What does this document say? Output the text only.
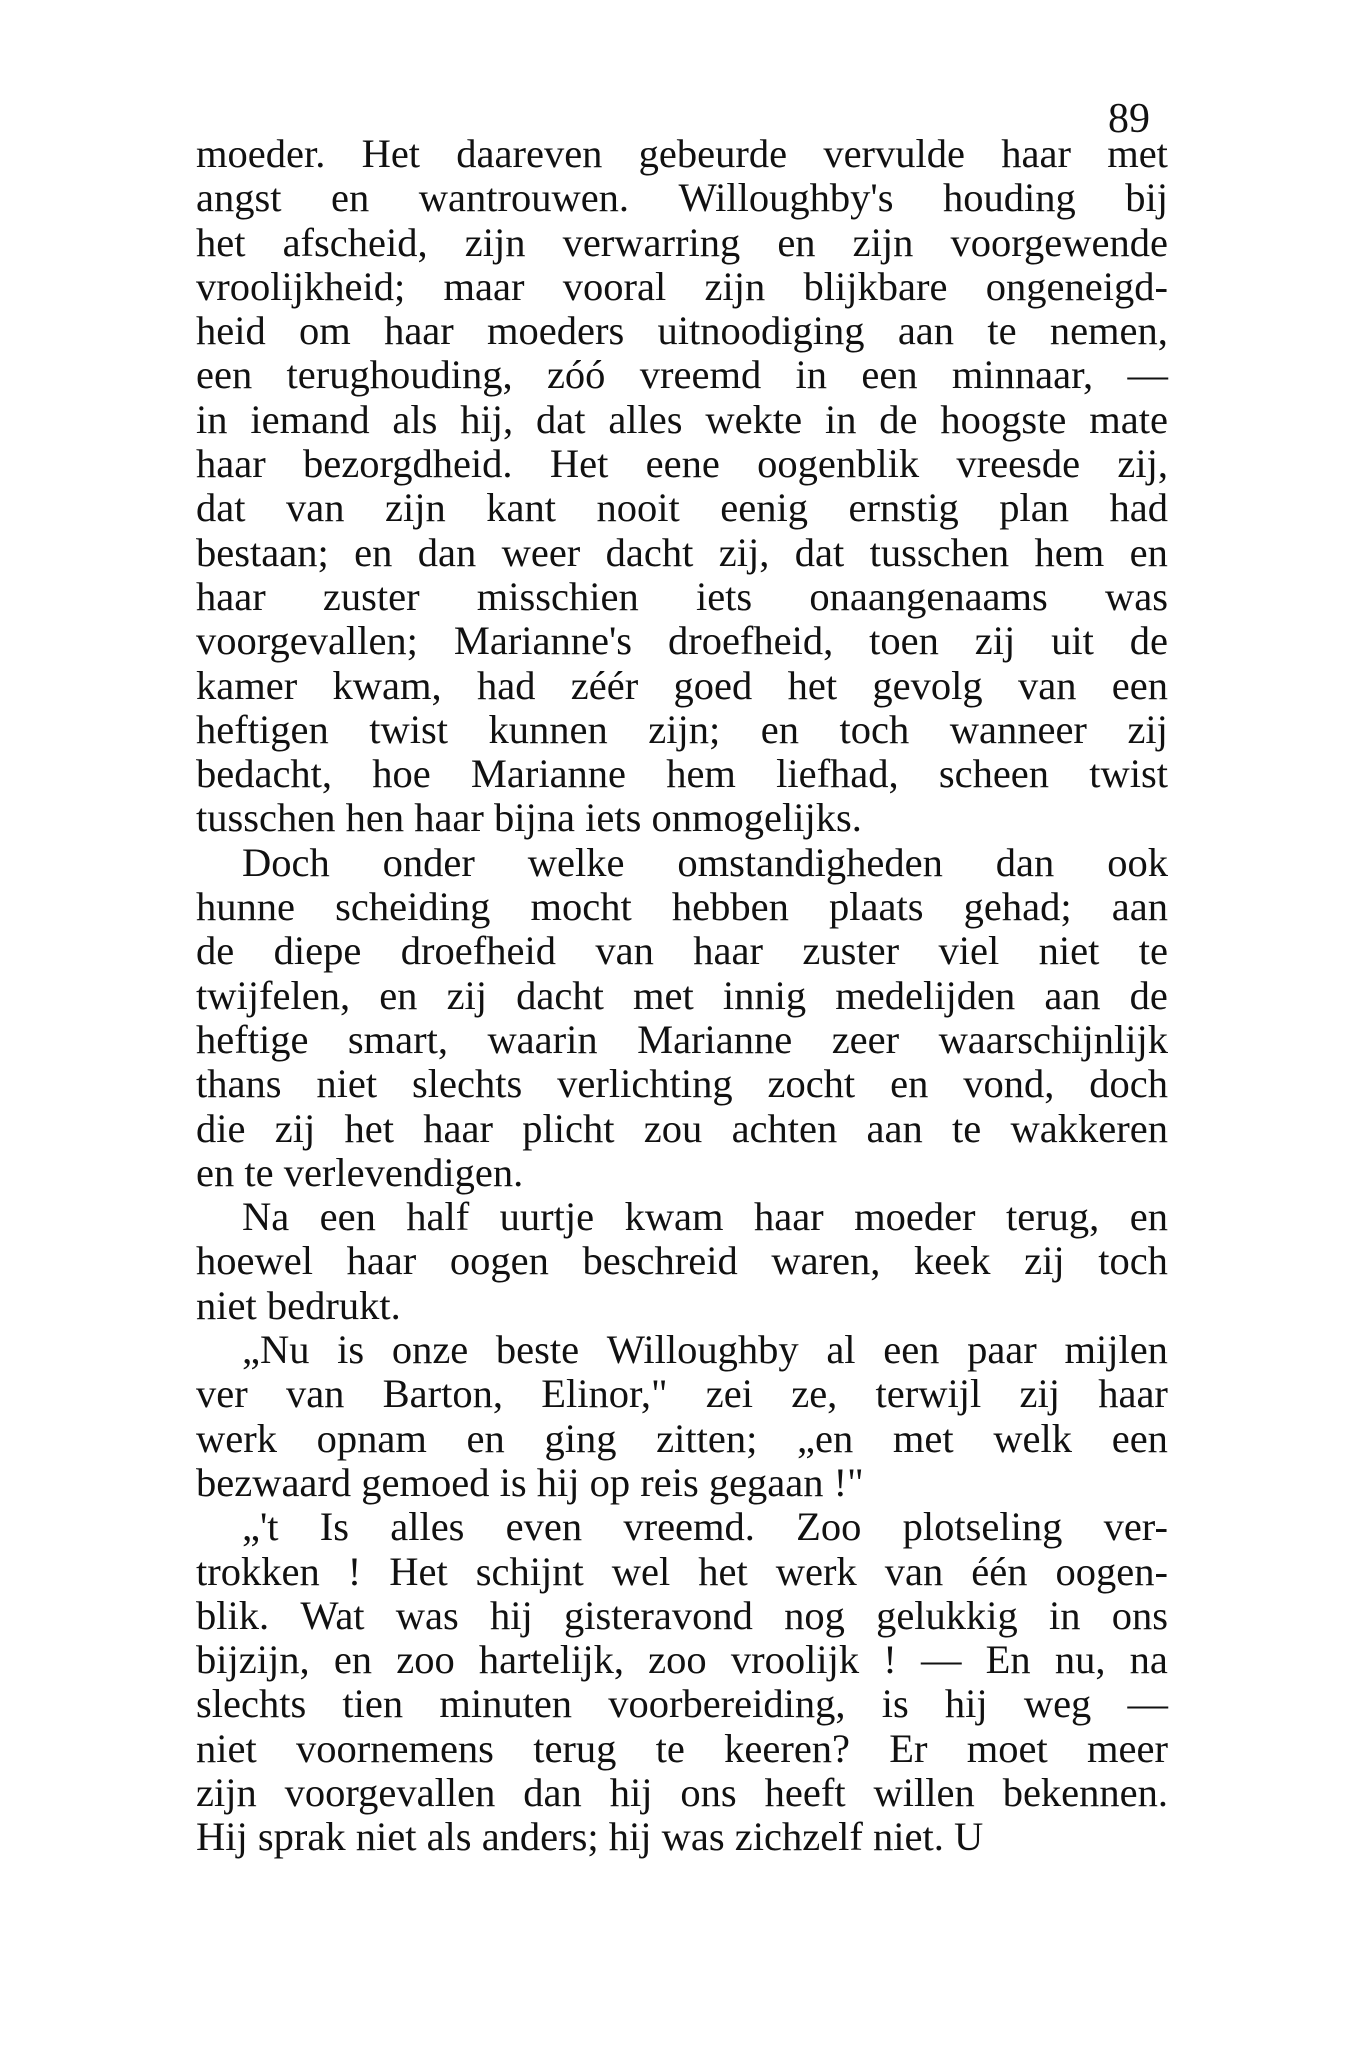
89
moeder. Het daareven gebeurde vervulde haar met
angst en wantrouwen. Willoughby's houding bij
het afscheid, zijn verwarring en zijn voorgewende
vroolijkheid; maar vooral zijn blijkbare ongeneigd-
heid om haar moeders uitnoodiging aan te nemen,
een terughouding, zóó vreemd in een minnaar, —
in iemand als hij, dat alles wekte in de hoogste mate
haar bezorgdheid. Het eene oogenblik vreesde zij,
dat van zijn kant nooit eenig ernstig plan had
bestaan; en dan weer dacht zij, dat tusschen hem en
haar zuster misschien iets onaangenaams was
voorgevallen; Marianne's droefheid, toen zij uit de
kamer kwam, had zéér goed het gevolg van een
heftigen twist kunnen zijn; en toch wanneer zij
bedacht, hoe Marianne hem liefhad, scheen twist
tusschen hen haar bijna iets onmogelijks.
Doch onder welke omstandigheden dan ook
hunne scheiding mocht hebben plaats gehad; aan
de diepe droefheid van haar zuster viel niet te
twijfelen, en zij dacht met innig medelijden aan de
heftige smart, waarin Marianne zeer waarschijnlijk
thans niet slechts verlichting zocht en vond, doch
die zij het haar plicht zou achten aan te wakkeren
en te verlevendigen.
Na een half uurtje kwam haar moeder terug, en
hoewel haar oogen beschreid waren, keek zij toch
niet bedrukt.
„Nu is onze beste Willoughby al een paar mijlen
ver van Barton, Elinor," zei ze, terwijl zij haar
werk opnam en ging zitten; „en met welk een
bezwaard gemoed is hij op reis gegaan !"
„'t Is alles even vreemd. Zoo plotseling ver-
trokken ! Het schijnt wel het werk van één oogen-
blik. Wat was hij gisteravond nog gelukkig in ons
bijzijn, en zoo hartelijk, zoo vroolijk ! — En nu, na
slechts tien minuten voorbereiding, is hij weg —
niet voornemens terug te keeren? Er moet meer
zijn voorgevallen dan hij ons heeft willen bekennen.
Hij sprak niet als anders; hij was zichzelf niet. U
